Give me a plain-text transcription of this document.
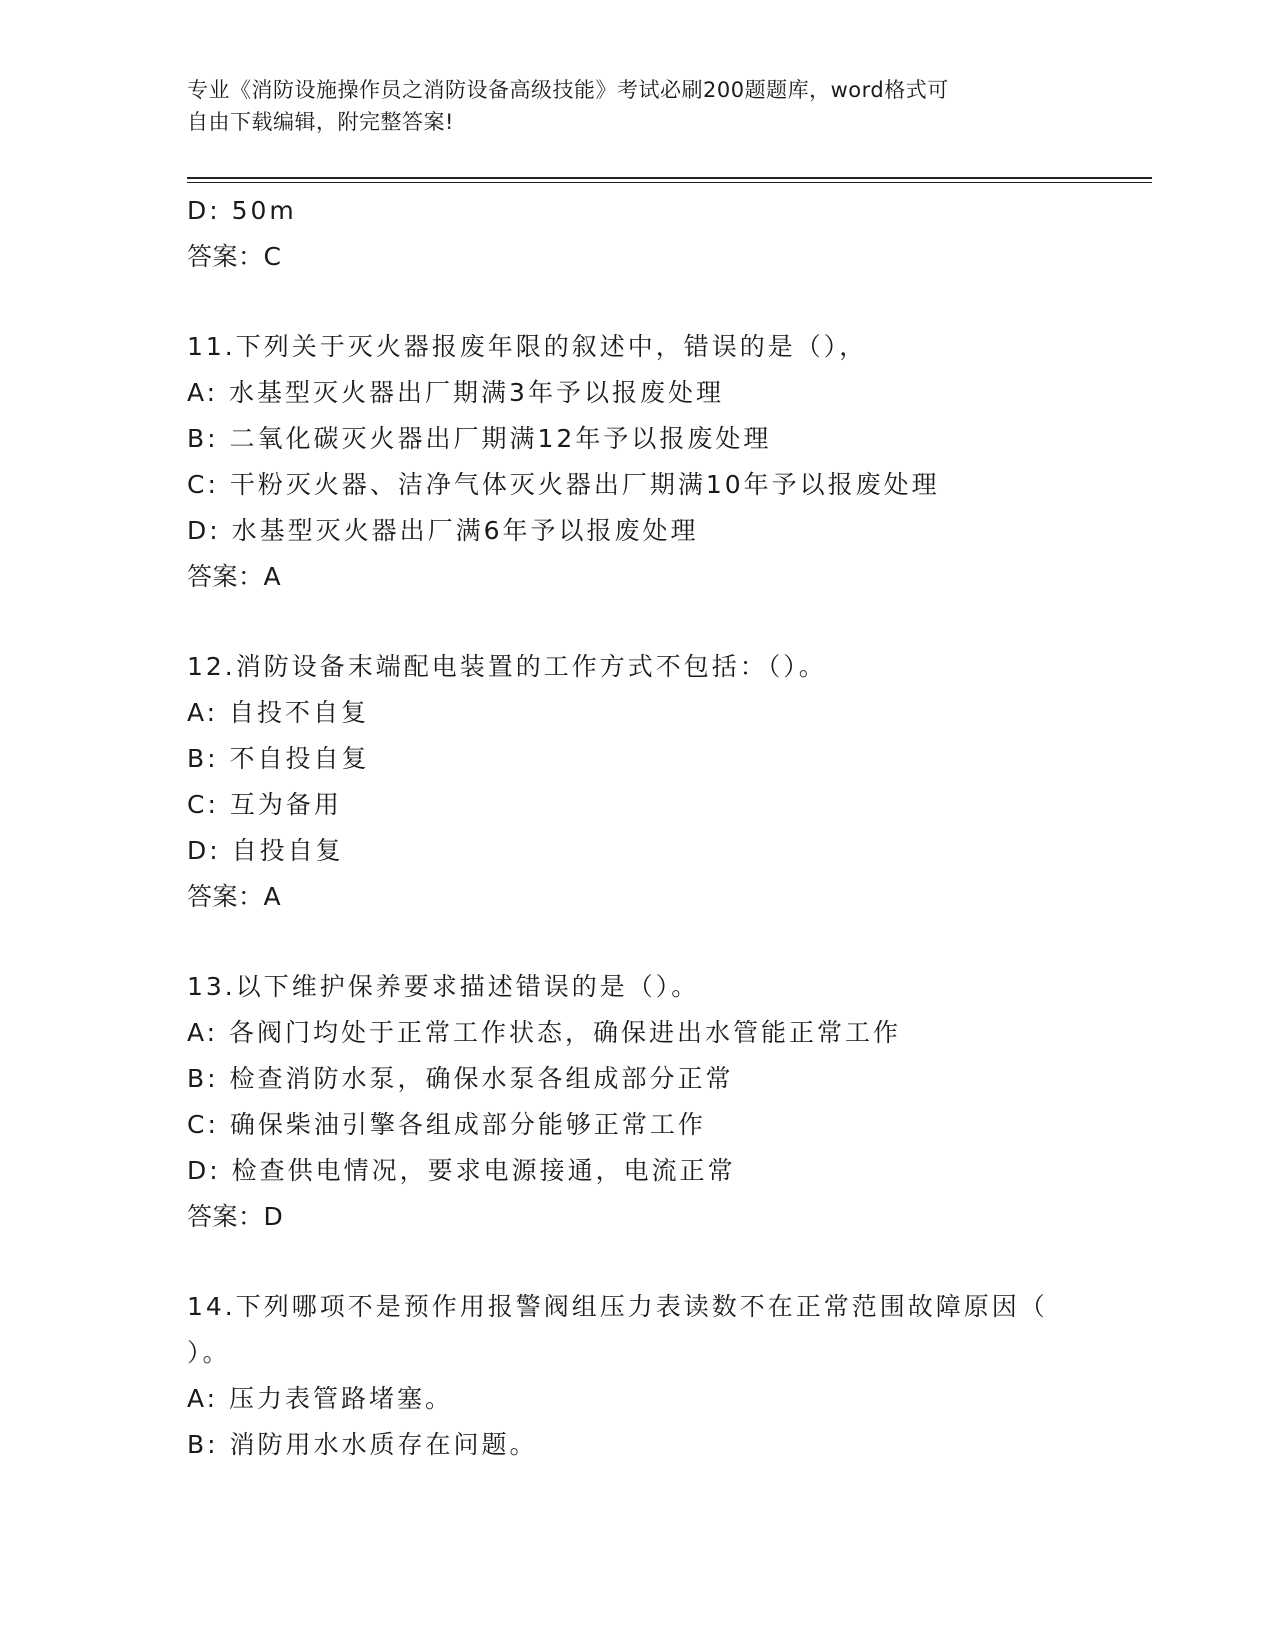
专业《消防设施操作员之消防设备高级技能》考试必刷200题题库，word格式可
自由下载编辑，附完整答案!
D: 50m
答案：C
11.下列关于灭火器报废年限的叙述中，错误的是（），
A: 水基型灭火器出厂期满3年予以报废处理
B: 二氧化碳灭火器出厂期满12年予以报废处理
C: 干粉灭火器、洁净气体灭火器出厂期满10年予以报废处理
D: 水基型灭火器出厂满6年予以报废处理
答案：A
12.消防设备末端配电装置的工作方式不包括：（）。
A: 自投不自复
B: 不自投自复
C: 互为备用
D: 自投自复
答案：A
13.以下维护保养要求描述错误的是（）。
A: 各阀门均处于正常工作状态，确保进出水管能正常工作
B: 检查消防水泵，确保水泵各组成部分正常
C: 确保柴油引擎各组成部分能够正常工作
D: 检查供电情况，要求电源接通，电流正常
答案：D
14.下列哪项不是预作用报警阀组压力表读数不在正常范围故障原因（
）。
A: 压力表管路堵塞。
B: 消防用水水质存在问题。
